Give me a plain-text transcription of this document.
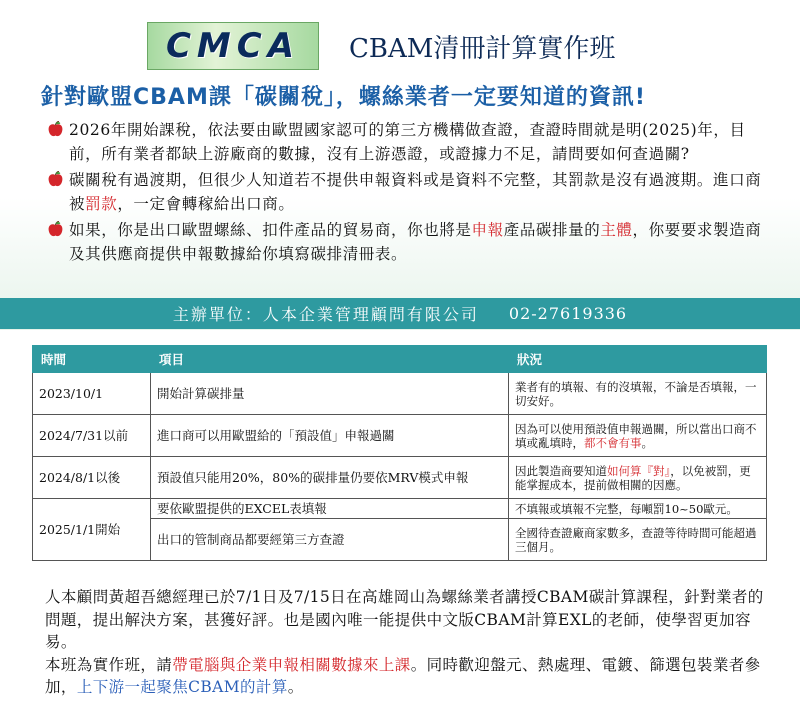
CMCA CBAM清冊計算實作班
針對歐盟CBAM課「碳關稅」，螺絲業者一定要知道的資訊!
2026年開始課稅，依法要由歐盟國家認可的第三方機構做查證，查證時間就是明(2025)年，目前，所有業者都缺上游廠商的數據，沒有上游憑證，或證據力不足，請問要如何查過關?
碳關稅有過渡期，但很少人知道若不提供申報資料或是資料不完整，其罰款是沒有過渡期。進口商被罰款，一定會轉稼給出口商。
如果，你是出口歐盟螺絲、扣件產品的貿易商，你也將是申報產品碳排量的主體，你要要求製造商及其供應商提供申報數據給你填寫碳排清冊表。
主辦單位：人本企業管理顧問有限公司 02-27619336
時間	項目	狀況
2023/10/1	開始計算碳排量	業者有的填報、有的沒填報，不論是否填報，一切安好。
2024/7/31以前	進口商可以用歐盟給的「預設值」申報過關	因為可以使用預設值申報過關，所以當出口商不填或亂填時，都不會有事。
2024/8/1以後	預設值只能用20%，80%的碳排量仍要依MRV模式申報	因此製造商要知道如何算『對』，以免被罰，更能掌握成本，提前做相關的因應。
2025/1/1開始	要依歐盟提供的EXCEL表填報	不填報或填報不完整，每噸罰10~50歐元。
	出口的管制商品都要經第三方查證	全國待查證廠商家數多，查證等待時間可能超過三個月。
人本顧問黃超吾總經理已於7/1日及7/15日在高雄岡山為螺絲業者講授CBAM碳計算課程，針對業者的問題，提出解決方案，甚獲好評。也是國內唯一能提供中文版CBAM計算EXL的老師，使學習更加容易。
本班為實作班，請帶電腦與企業申報相關數據來上課。同時歡迎盤元、熱處理、電鍍、篩選包裝業者參加，上下游一起聚焦CBAM的計算。
